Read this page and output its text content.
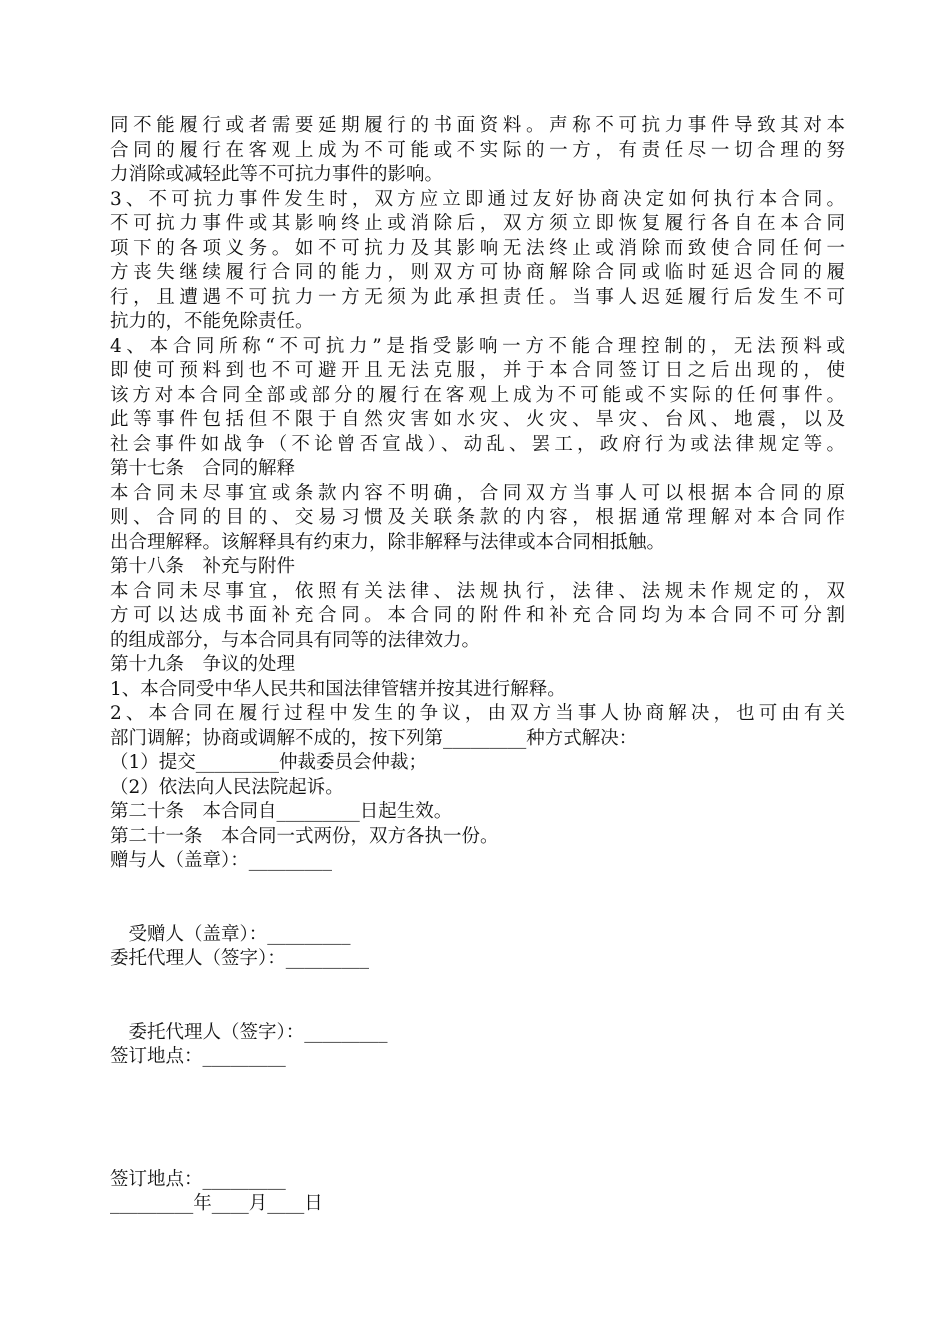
同不能履行或者需要延期履行的书面资料。声称不可抗力事件导致其对本
合同的履行在客观上成为不可能或不实际的一方，有责任尽一切合理的努
力消除或减轻此等不可抗力事件的影响。
3、不可抗力事件发生时，双方应立即通过友好协商决定如何执行本合同。
不可抗力事件或其影响终止或消除后，双方须立即恢复履行各自在本合同
项下的各项义务。如不可抗力及其影响无法终止或消除而致使合同任何一
方丧失继续履行合同的能力，则双方可协商解除合同或临时延迟合同的履
行，且遭遇不可抗力一方无须为此承担责任。当事人迟延履行后发生不可
抗力的，不能免除责任。
4、本合同所称“不可抗力”是指受影响一方不能合理控制的，无法预料或
即使可预料到也不可避开且无法克服，并于本合同签订日之后出现的，使
该方对本合同全部或部分的履行在客观上成为不可能或不实际的任何事件。
此等事件包括但不限于自然灾害如水灾、火灾、旱灾、台风、地震，以及
社会事件如战争（不论曾否宣战）、动乱、罢工，政府行为或法律规定等。
第十七条　合同的解释
本合同未尽事宜或条款内容不明确，合同双方当事人可以根据本合同的原
则、合同的目的、交易习惯及关联条款的内容，根据通常理解对本合同作
出合理解释。该解释具有约束力，除非解释与法律或本合同相抵触。
第十八条　补充与附件
本合同未尽事宜，依照有关法律、法规执行，法律、法规未作规定的，双
方可以达成书面补充合同。本合同的附件和补充合同均为本合同不可分割
的组成部分，与本合同具有同等的法律效力。
第十九条　争议的处理
1、本合同受中华人民共和国法律管辖并按其进行解释。
2、本合同在履行过程中发生的争议，由双方当事人协商解决，也可由有关
部门调解；协商或调解不成的，按下列第_________种方式解决：
（1）提交_________仲裁委员会仲裁；
（2）依法向人民法院起诉。
第二十条　本合同自_________日起生效。
第二十一条　本合同一式两份，双方各执一份。
赠与人（盖章）：_________
　受赠人（盖章）：_________
委托代理人（签字）：_________
　委托代理人（签字）：_________
签订地点：_________
签订地点：_________
_________年____月____日
